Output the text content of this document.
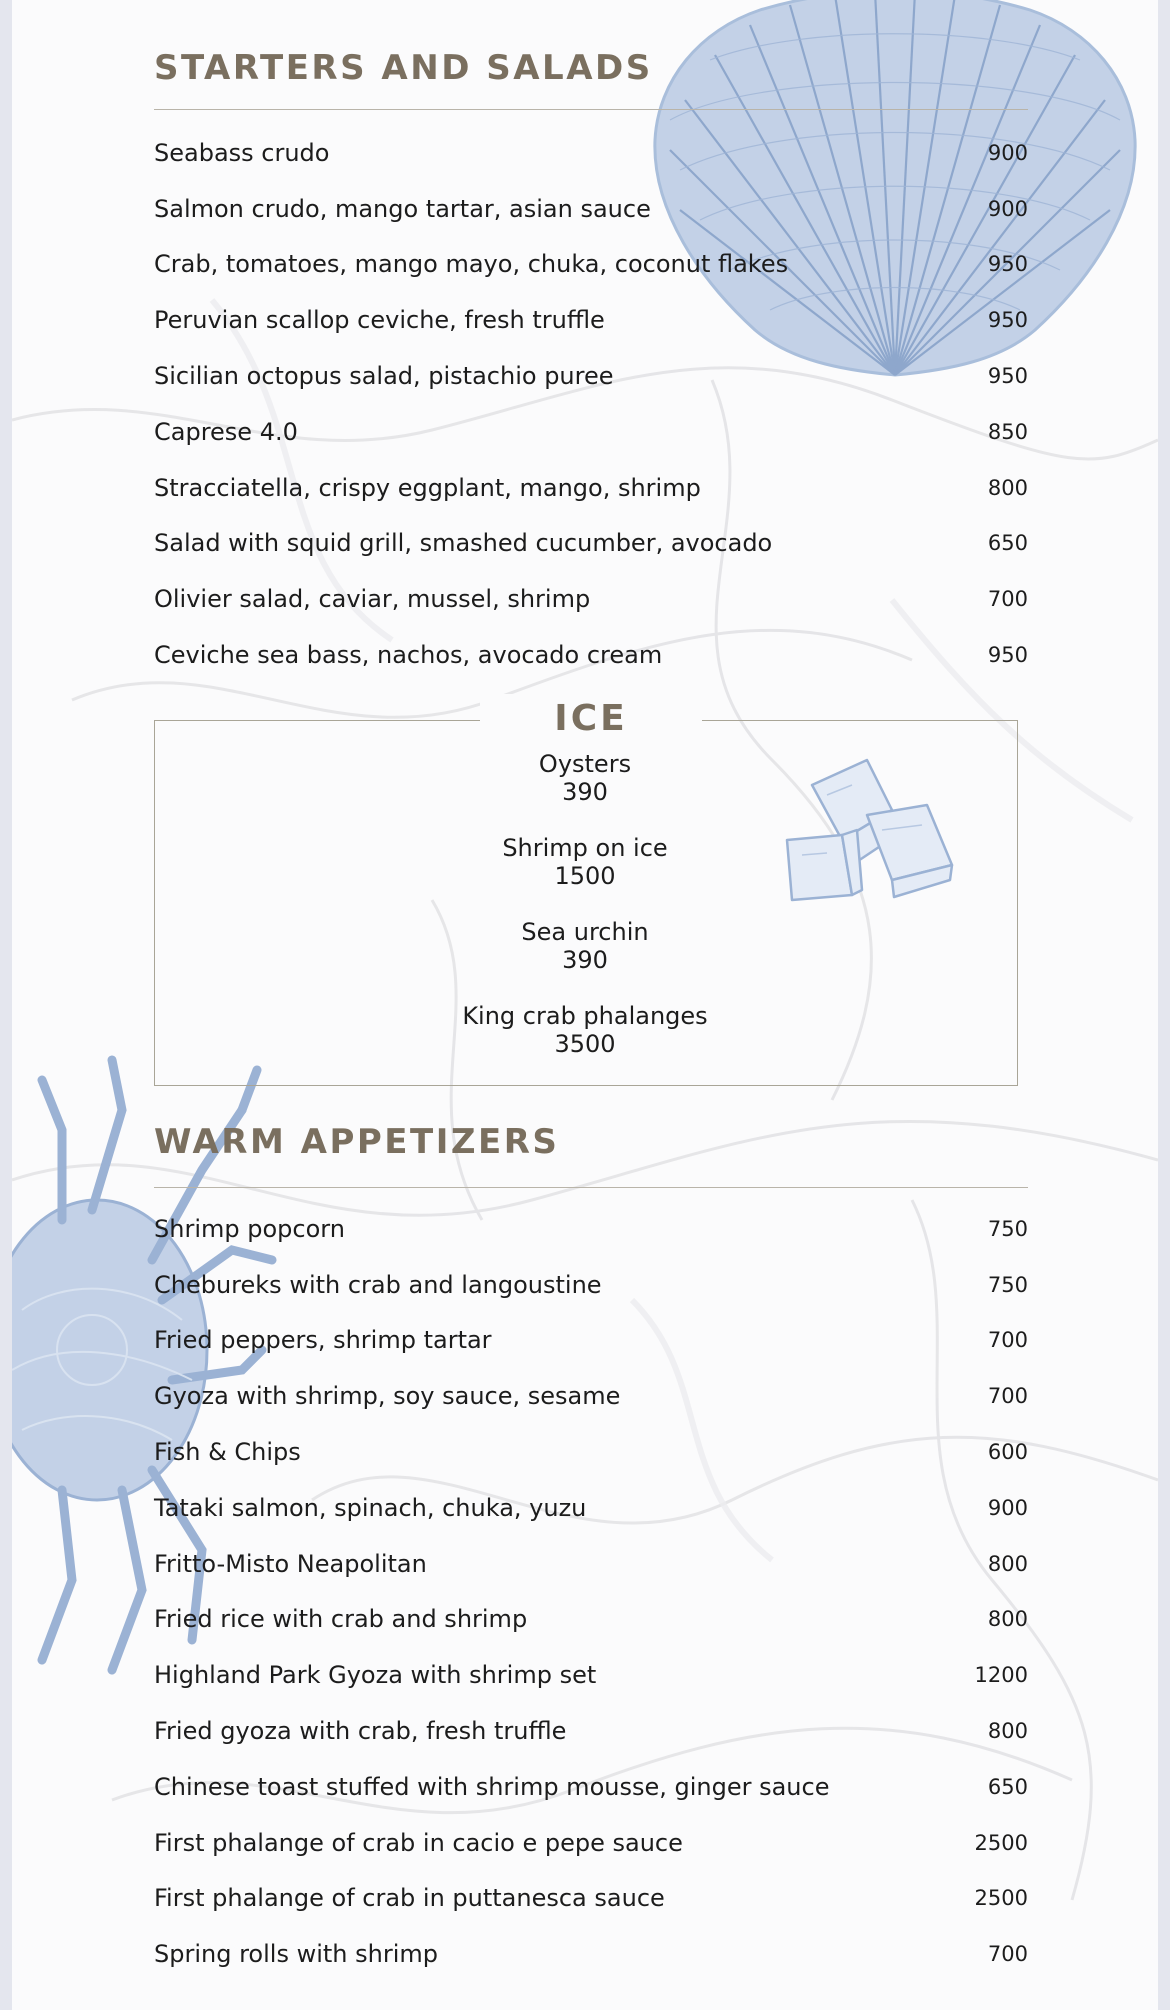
STARTERS AND SALADS
Seabass crudo	900
Salmon crudo, mango tartar, asian sauce	900
Crab, tomatoes, mango mayo, chuka, coconut flakes	950
Peruvian scallop ceviche, fresh truffle	950
Sicilian octopus salad, pistachio puree	950
Caprese 4.0	850
Stracciatella, crispy eggplant, mango, shrimp	800
Salad with squid grill, smashed cucumber, avocado	650
Olivier salad, caviar, mussel, shrimp	700
Ceviche sea bass, nachos, avocado cream	950
ICE
Oysters
390
Shrimp on ice
1500
Sea urchin
390
King crab phalanges
3500
WARM APPETIZERS
Shrimp popcorn	750
Chebureks with crab and langoustine	750
Fried peppers, shrimp tartar	700
Gyoza with shrimp, soy sauce, sesame	700
Fish & Chips	600
Tataki salmon, spinach, chuka, yuzu	900
Fritto-Misto Neapolitan	800
Fried rice with crab and shrimp	800
Highland Park Gyoza with shrimp set	1200
Fried gyoza with crab, fresh truffle	800
Chinese toast stuffed with shrimp mousse, ginger sauce	650
First phalange of crab in cacio e pepe sauce	2500
First phalange of crab in puttanesca sauce	2500
Spring rolls with shrimp	700
